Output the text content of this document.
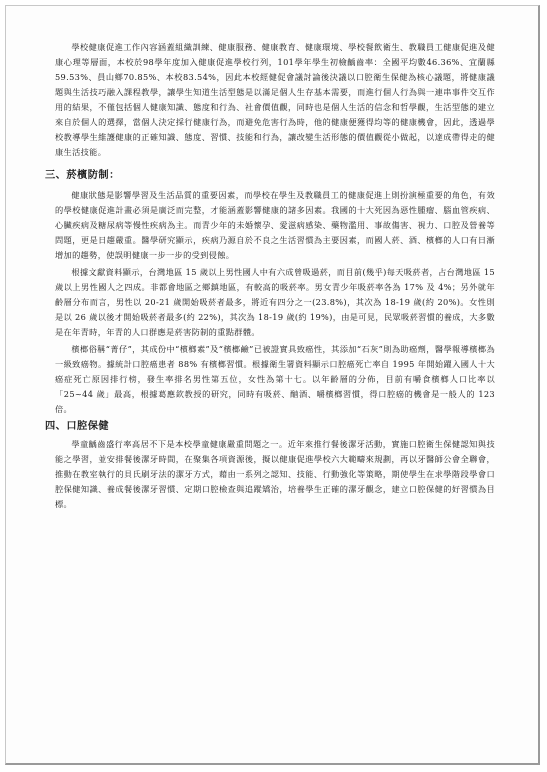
學校健康促進工作內容涵蓋組織訓練、健康服務、健康教育、健康環境、學校餐飲衛生、教職員工健康促進及健康心理等層面，本校於98學年度加入健康促進學校行列，101學年學生初檢齲齒率：全國平均數46.36%、宜蘭縣59.53%、員山鄉70.85%、本校83.54%，因此本校經健促會議討論後決議以口腔衛生保健為核心議題，將健康議題與生活技巧融入課程教學，讓學生知道生活型態是以滿足個人生存基本需要，而進行個人行為與一連串事件交互作用的結果，不僅包括個人健康知識、態度和行為、社會價值觀，同時也是個人生活的信念和哲學觀，生活型態的建立來自於個人的選擇，當個人決定採行健康行為，而避免危害行為時，他的健康便獲得均等的健康機會，因此，透過學校教導學生維護健康的正確知識、態度、習慣、技能和行為，讓改變生活形態的價值觀從小做起，以達成帶得走的健康生活技能。

三、菸檳防制：

健康狀態是影響學習及生活品質的重要因素，而學校在學生及教職員工的健康促進上則扮演極重要的角色，有效的學校健康促進計畫必須是廣泛而完整，才能涵蓋影響健康的諸多因素。我國的十大死因為惡性腫瘤、腦血管疾病、心臟疾病及糖尿病等慢性疾病為主。而青少年的未婚懷孕、愛滋病感染、藥物濫用、事故傷害、視力、口腔及營養等問題，更是日趨嚴重。醫學研究顯示，疾病乃源自於不良之生活習慣為主要因素，而國人菸、酒、檳榔的人口有日漸增加的趨勢，使誤明健康一步一步的受到侵蝕。

根據文獻資料顯示，台灣地區 15 歲以上男性國人中有六成曾吸過菸，而目前(幾乎)每天吸菸者，占台灣地區 15 歲以上男性國人之四成。非都會地區之鄉鎮地區，有較高的吸菸率。男女青少年吸菸率各為 17% 及 4%；另外就年齡層分布而言，男性以 20-21 歲開始吸菸者最多，將近有四分之一(23.8%)，其次為 18-19 歲(約 20%)。女性則是以 26 歲以後才開始吸菸者最多(約 22%)，其次為 18-19 歲(約 19%)，由是可見，民眾吸菸習慣的養成，大多數是在年青時，年青的人口群應是菸害防制的重點群體。

檳榔俗稱“菁仔”，其成份中“檳榔素”及“檳榔鹼”已被證實具致癌性，其添加“石灰”則為助癌劑，醫學報導檳榔為一級致癌物。據統計口腔癌患者 88% 有檳榔習慣。根據衛生署資料顯示口腔癌死亡率自 1995 年開始躍入國人十大癌症死亡原因排行榜，發生率排名男性第五位，女性為第十七。以年齡層的分佈，目前有嚼食檳榔人口比率以「25~44 歲」最高，根據葛應欽教授的研究，同時有吸菸、酗酒、嚼檳榔習慣，得口腔癌的機會是一般人的 123 倍。

四、口腔保健

學童齲齒盛行率高居不下是本校學童健康嚴重問題之一。近年來推行餐後潔牙活動，實施口腔衛生保健認知與技能之學習，並安排餐後潔牙時間，在聚集各項資源後，擬以健康促進學校六大範疇來規劃，再以牙醫師公會全聯會，推動在教室執行的貝氏刷牙法的潔牙方式，藉由一系列之認知、技能、行動強化等策略，期使學生在求學階段學會口腔保健知識、養成餐後潔牙習慣、定期口腔檢查與追蹤矯治，培養學生正確的潔牙觀念，建立口腔保健的好習慣為目標。
